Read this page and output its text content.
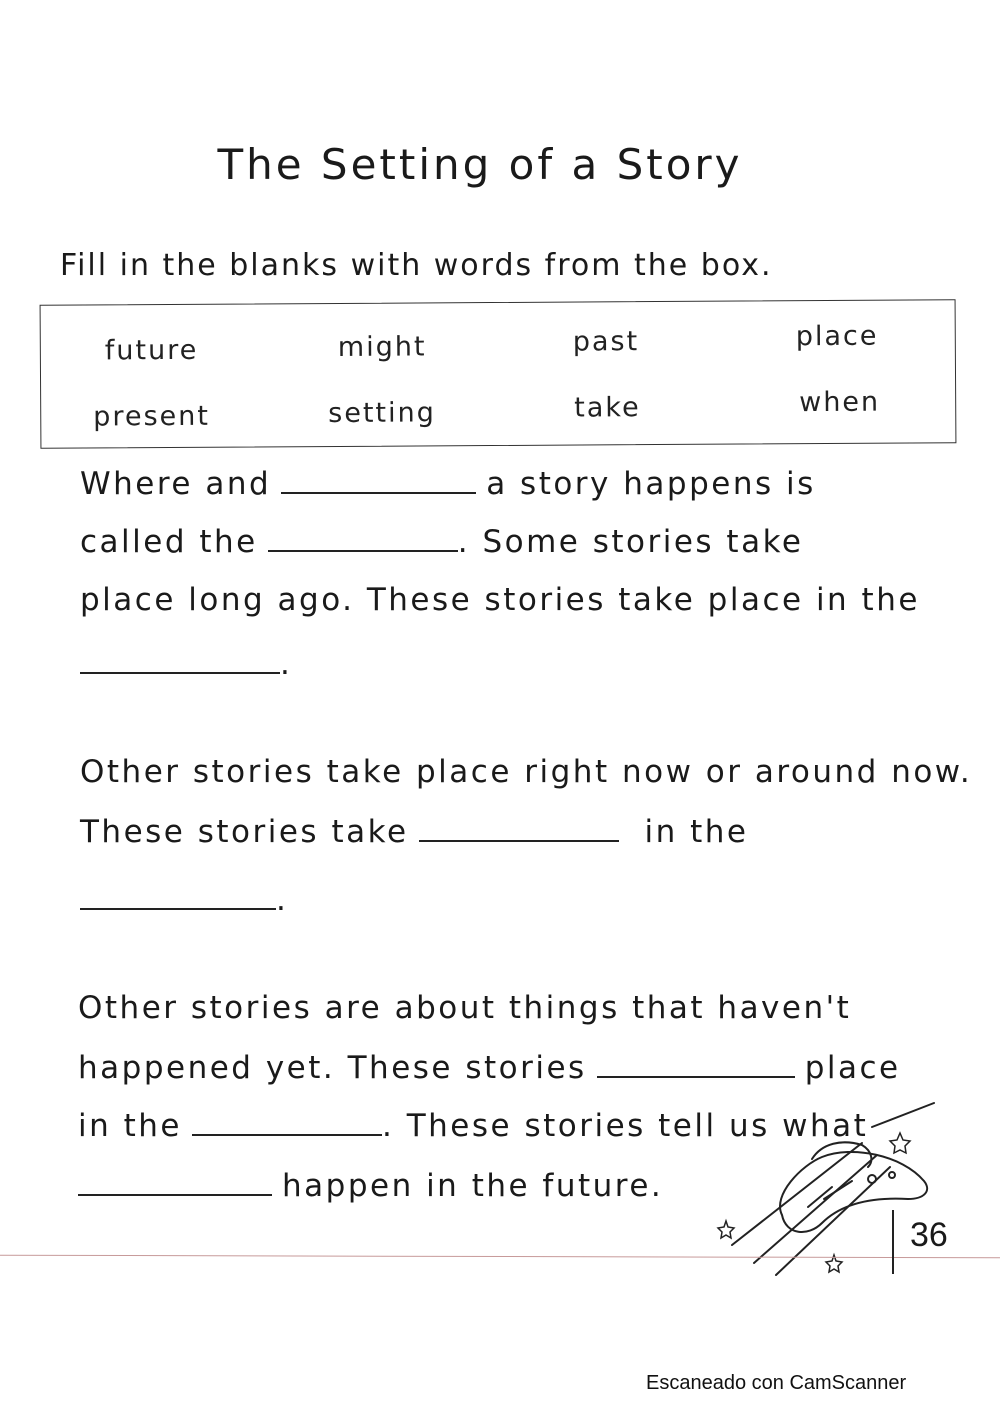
The Setting of a Story
Fill in the blanks with words from the box.
future	might	past	place
present	setting	take	when
Where and	a story happens is
called the	. Some stories take
place long ago. These stories take place in the
.
Other stories take place right now or around now.
These stories take	in the
.
Other stories are about things that haven't
happened yet. These stories	place
in the	. These stories tell us what
happen in the future.
36
Escaneado con CamScanner
